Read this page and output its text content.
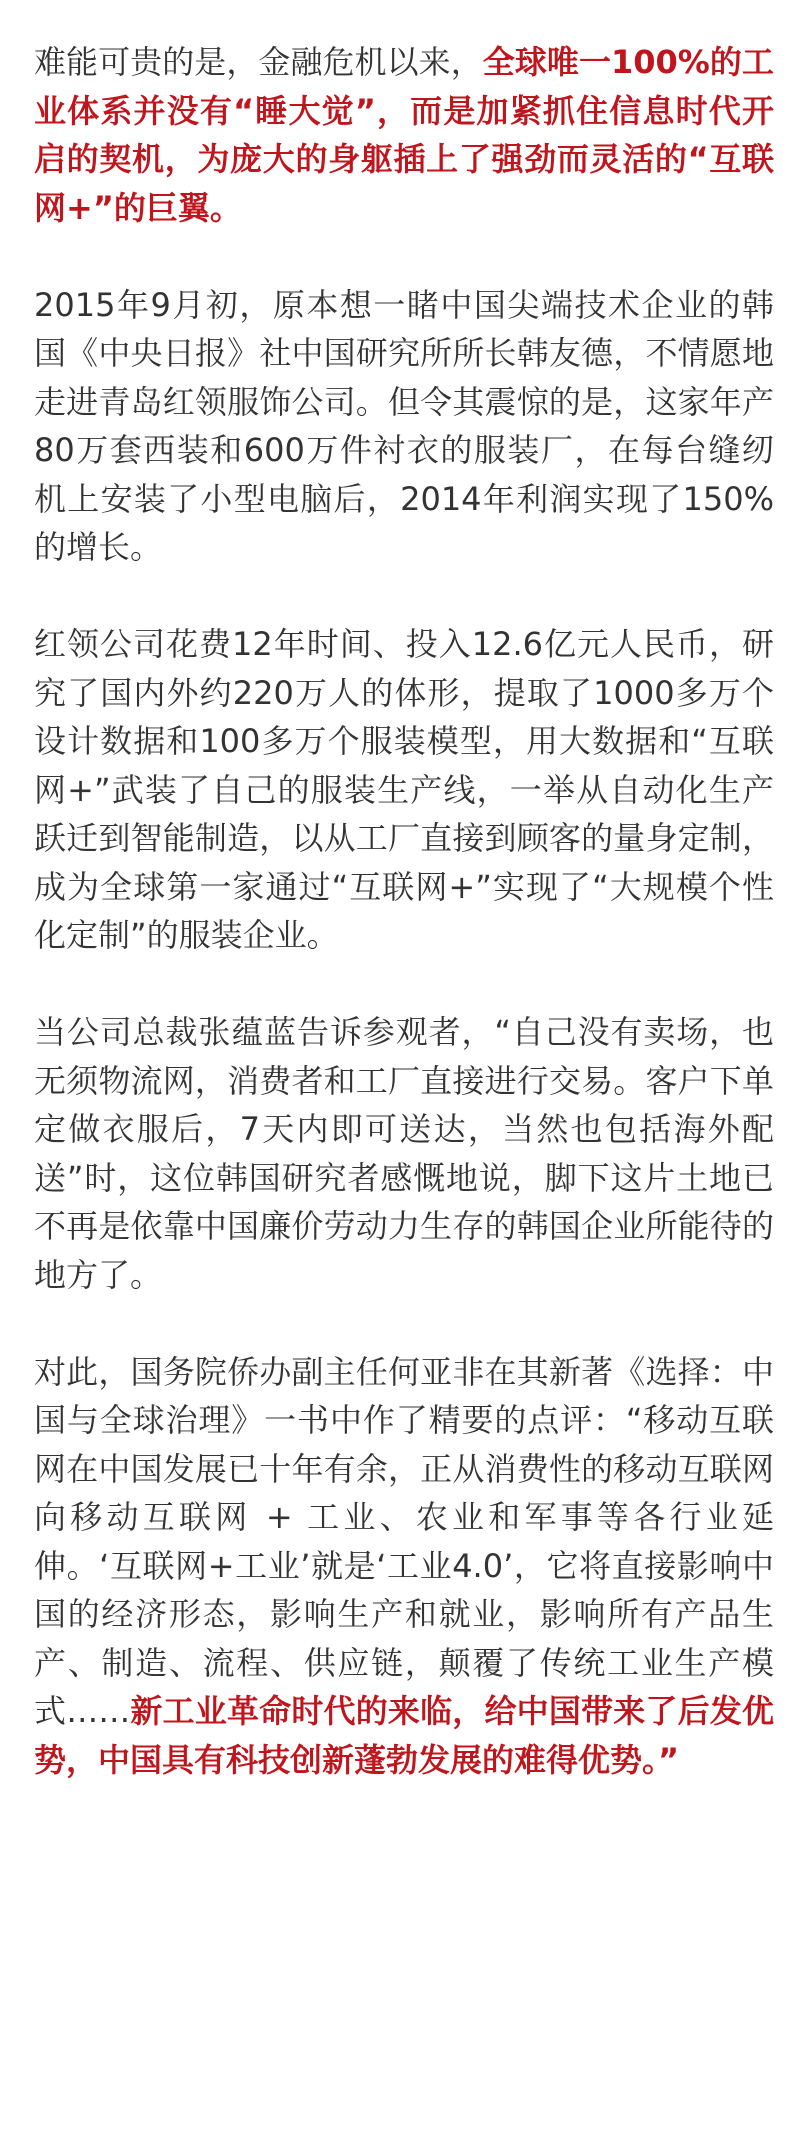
难能可贵的是，金融危机以来，全球唯一100%的工业体系并没有“睡大觉”，而是加紧抓住信息时代开启的契机，为庞大的身躯插上了强劲而灵活的“互联网+”的巨翼。

2015年9月初，原本想一睹中国尖端技术企业的韩国《中央日报》社中国研究所所长韩友德，不情愿地走进青岛红领服饰公司。但令其震惊的是，这家年产80万套西装和600万件衬衣的服装厂，在每台缝纫机上安装了小型电脑后，2014年利润实现了150%的增长。

红领公司花费12年时间、投入12.6亿元人民币，研究了国内外约220万人的体形，提取了1000多万个设计数据和100多万个服装模型，用大数据和“互联网+”武装了自己的服装生产线，一举从自动化生产跃迁到智能制造，以从工厂直接到顾客的量身定制，成为全球第一家通过“互联网+”实现了“大规模个性化定制”的服装企业。

当公司总裁张蕴蓝告诉参观者，“自己没有卖场，也无须物流网，消费者和工厂直接进行交易。客户下单定做衣服后，7天内即可送达，当然也包括海外配送”时，这位韩国研究者感慨地说，脚下这片土地已不再是依靠中国廉价劳动力生存的韩国企业所能待的地方了。

对此，国务院侨办副主任何亚非在其新著《选择：中国与全球治理》一书中作了精要的点评：“移动互联网在中国发展已十年有余，正从消费性的移动互联网向移动互联网 + 工业、农业和军事等各行业延伸。‘互联网+工业’就是‘工业4.0’，它将直接影响中国的经济形态，影响生产和就业，影响所有产品生产、制造、流程、供应链，颠覆了传统工业生产模式……新工业革命时代的来临，给中国带来了后发优势，中国具有科技创新蓬勃发展的难得优势。”
